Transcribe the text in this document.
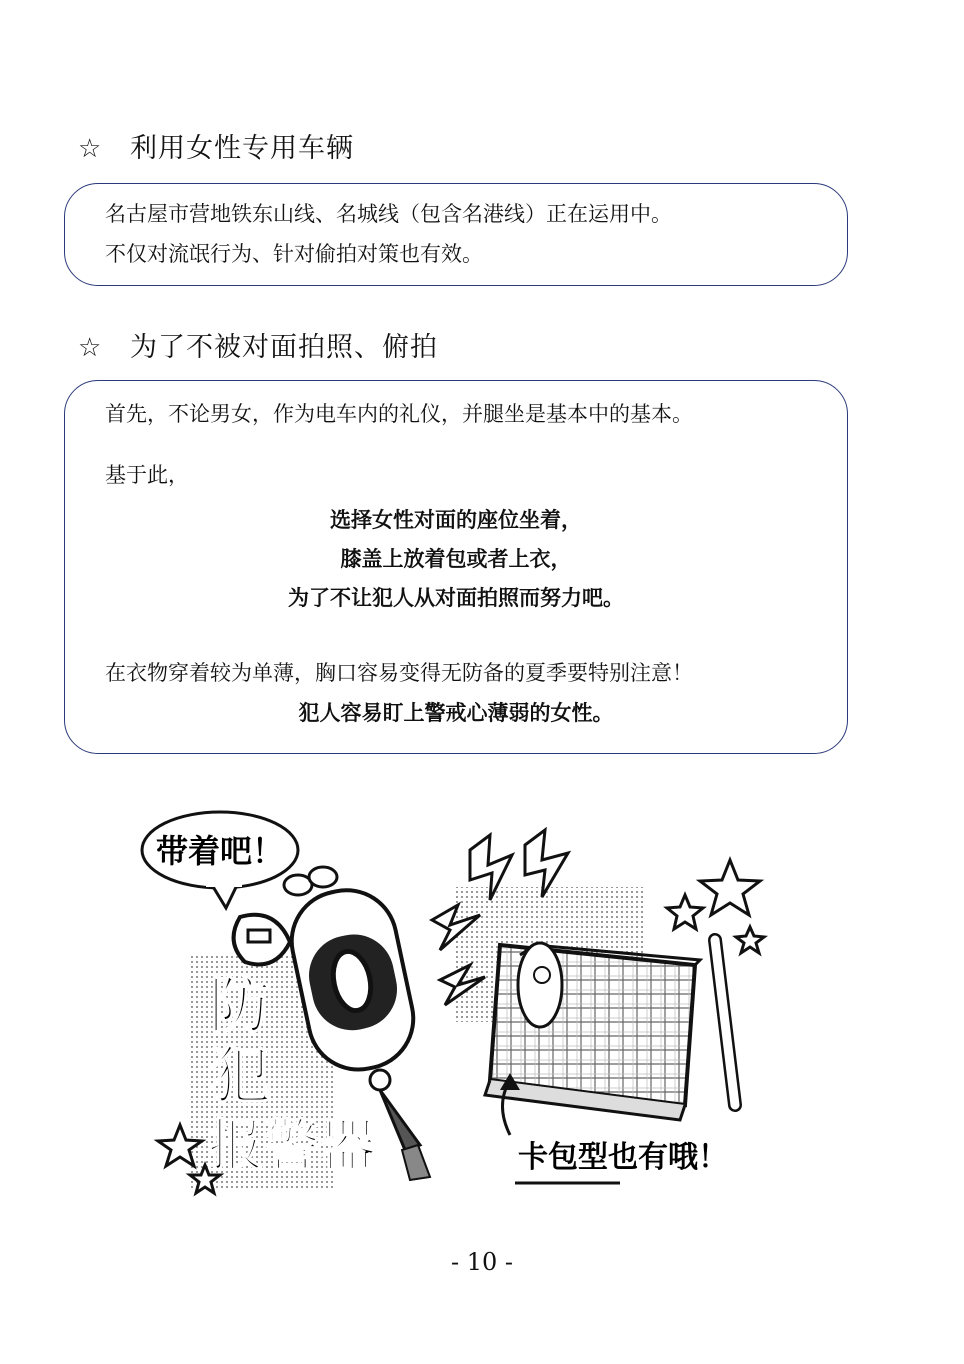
☆ 利用女性专用车辆
名古屋市营地铁东山线、名城线（包含名港线）正在运用中。
不仅对流氓行为、针对偷拍对策也有效。
☆ 为了不被对面拍照、俯拍
首先，不论男女，作为电车内的礼仪，并腿坐是基本中的基本。
基于此，
选择女性对面的座位坐着，
膝盖上放着包或者上衣，
为了不让犯人从对面拍照而努力吧。
在衣物穿着较为单薄，胸口容易变得无防备的夏季要特别注意！
犯人容易盯上警戒心薄弱的女性。
带着吧！
防
犯
报警器	卡包型也有哦！
- 10 -
